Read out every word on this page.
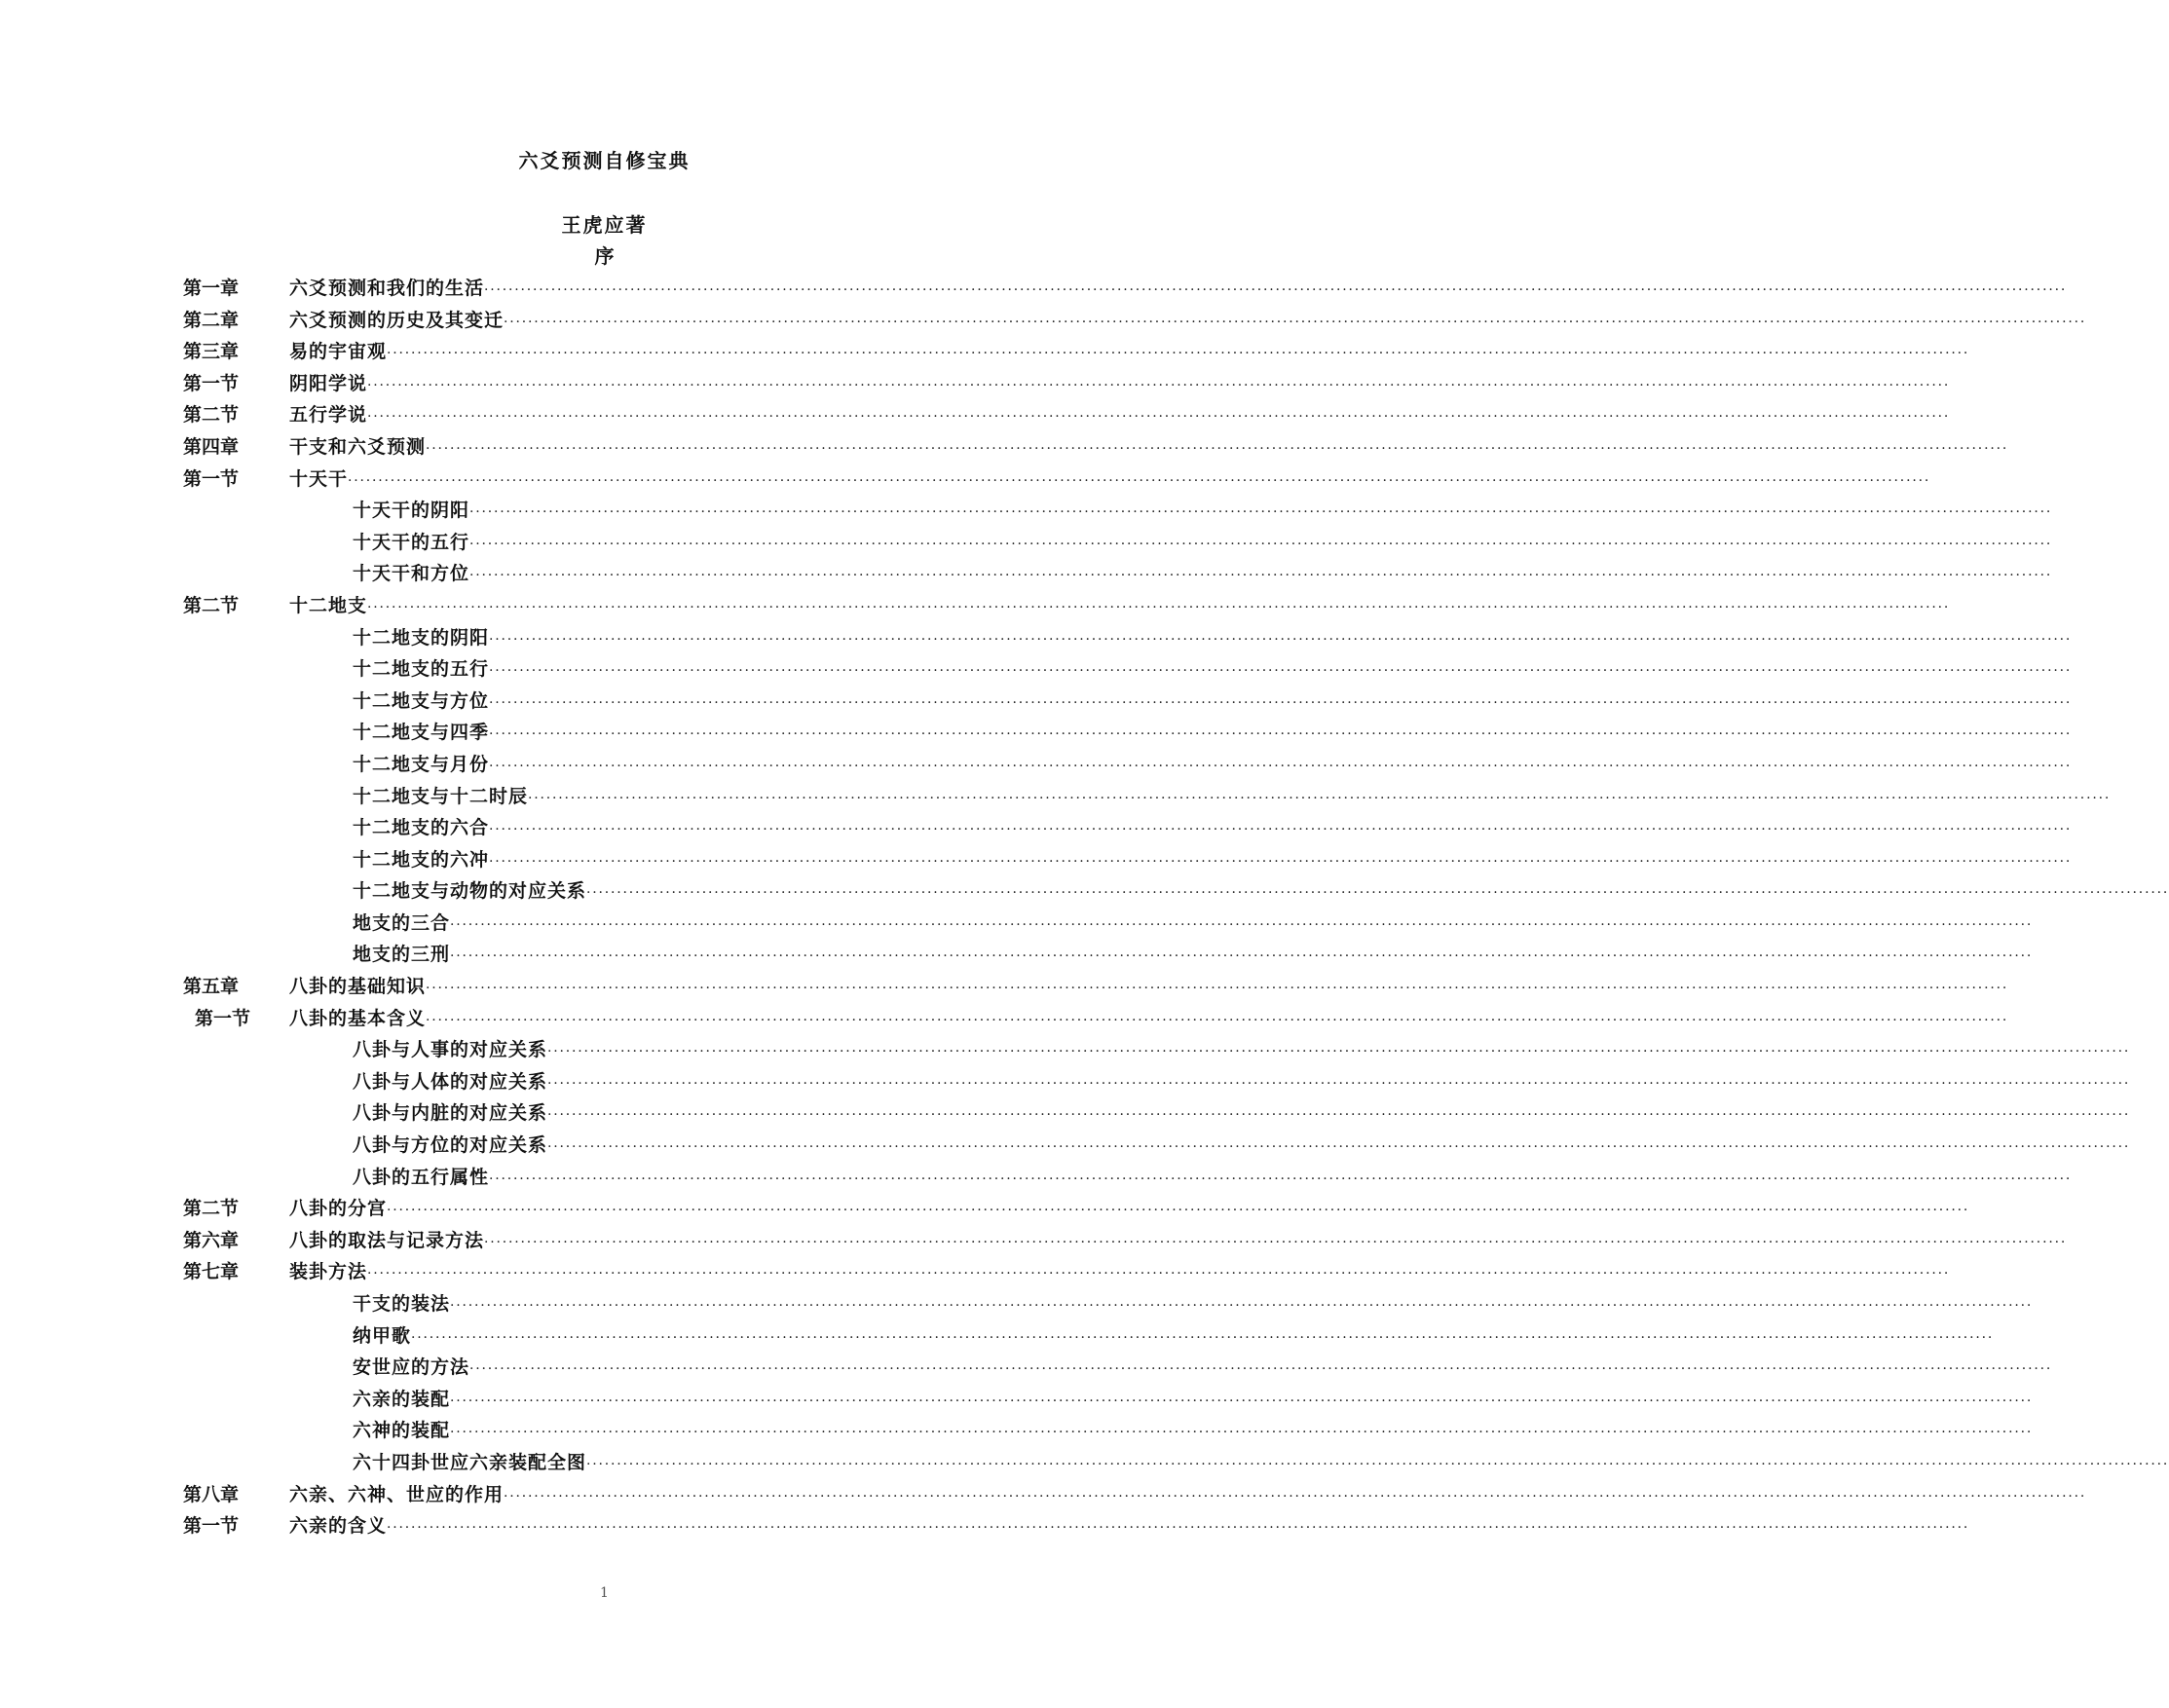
六爻预测自修宝典
王虎应著
序
第一章	六爻预测和我们的生活 ····································································································································································································································································
第二章	六爻预测的历史及其变迁 ····································································································································································································································································
第三章	易的宇宙观 ····································································································································································································································································
第一节	阴阳学说 ····································································································································································································································································
第二节	五行学说 ····································································································································································································································································
第四章	干支和六爻预测 ····································································································································································································································································
第一节	十天干 ····································································································································································································································································
十天干的阴阳 ····································································································································································································································································
十天干的五行 ····································································································································································································································································
十天干和方位 ····································································································································································································································································
第二节	十二地支 ····································································································································································································································································
十二地支的阴阳 ····································································································································································································································································
十二地支的五行 ····································································································································································································································································
十二地支与方位 ····································································································································································································································································
十二地支与四季 ····································································································································································································································································
十二地支与月份 ····································································································································································································································································
十二地支与十二时辰 ····································································································································································································································································
十二地支的六合 ····································································································································································································································································
十二地支的六冲 ····································································································································································································································································
十二地支与动物的对应关系 ····································································································································································································································································
地支的三合 ····································································································································································································································································
地支的三刑 ····································································································································································································································································
第五章	八卦的基础知识 ····································································································································································································································································
第一节 八卦的基本含义 ····································································································································································································································································
八卦与人事的对应关系 ····································································································································································································································································
八卦与人体的对应关系 ····································································································································································································································································
八卦与内脏的对应关系 ····································································································································································································································································
八卦与方位的对应关系 ····································································································································································································································································
八卦的五行属性 ····································································································································································································································································
第二节	八卦的分宫 ····································································································································································································································································
第六章	八卦的取法与记录方法 ····································································································································································································································································
第七章	装卦方法 ····································································································································································································································································
干支的装法 ····································································································································································································································································
纳甲歌 ····································································································································································································································································
安世应的方法 ····································································································································································································································································
六亲的装配 ····································································································································································································································································
六神的装配 ····································································································································································································································································
六十四卦世应六亲装配全图 ····································································································································································································································································
第八章	六亲、六神、世应的作用 ····································································································································································································································································
第一节	六亲的含义 ····································································································································································································································································
1
